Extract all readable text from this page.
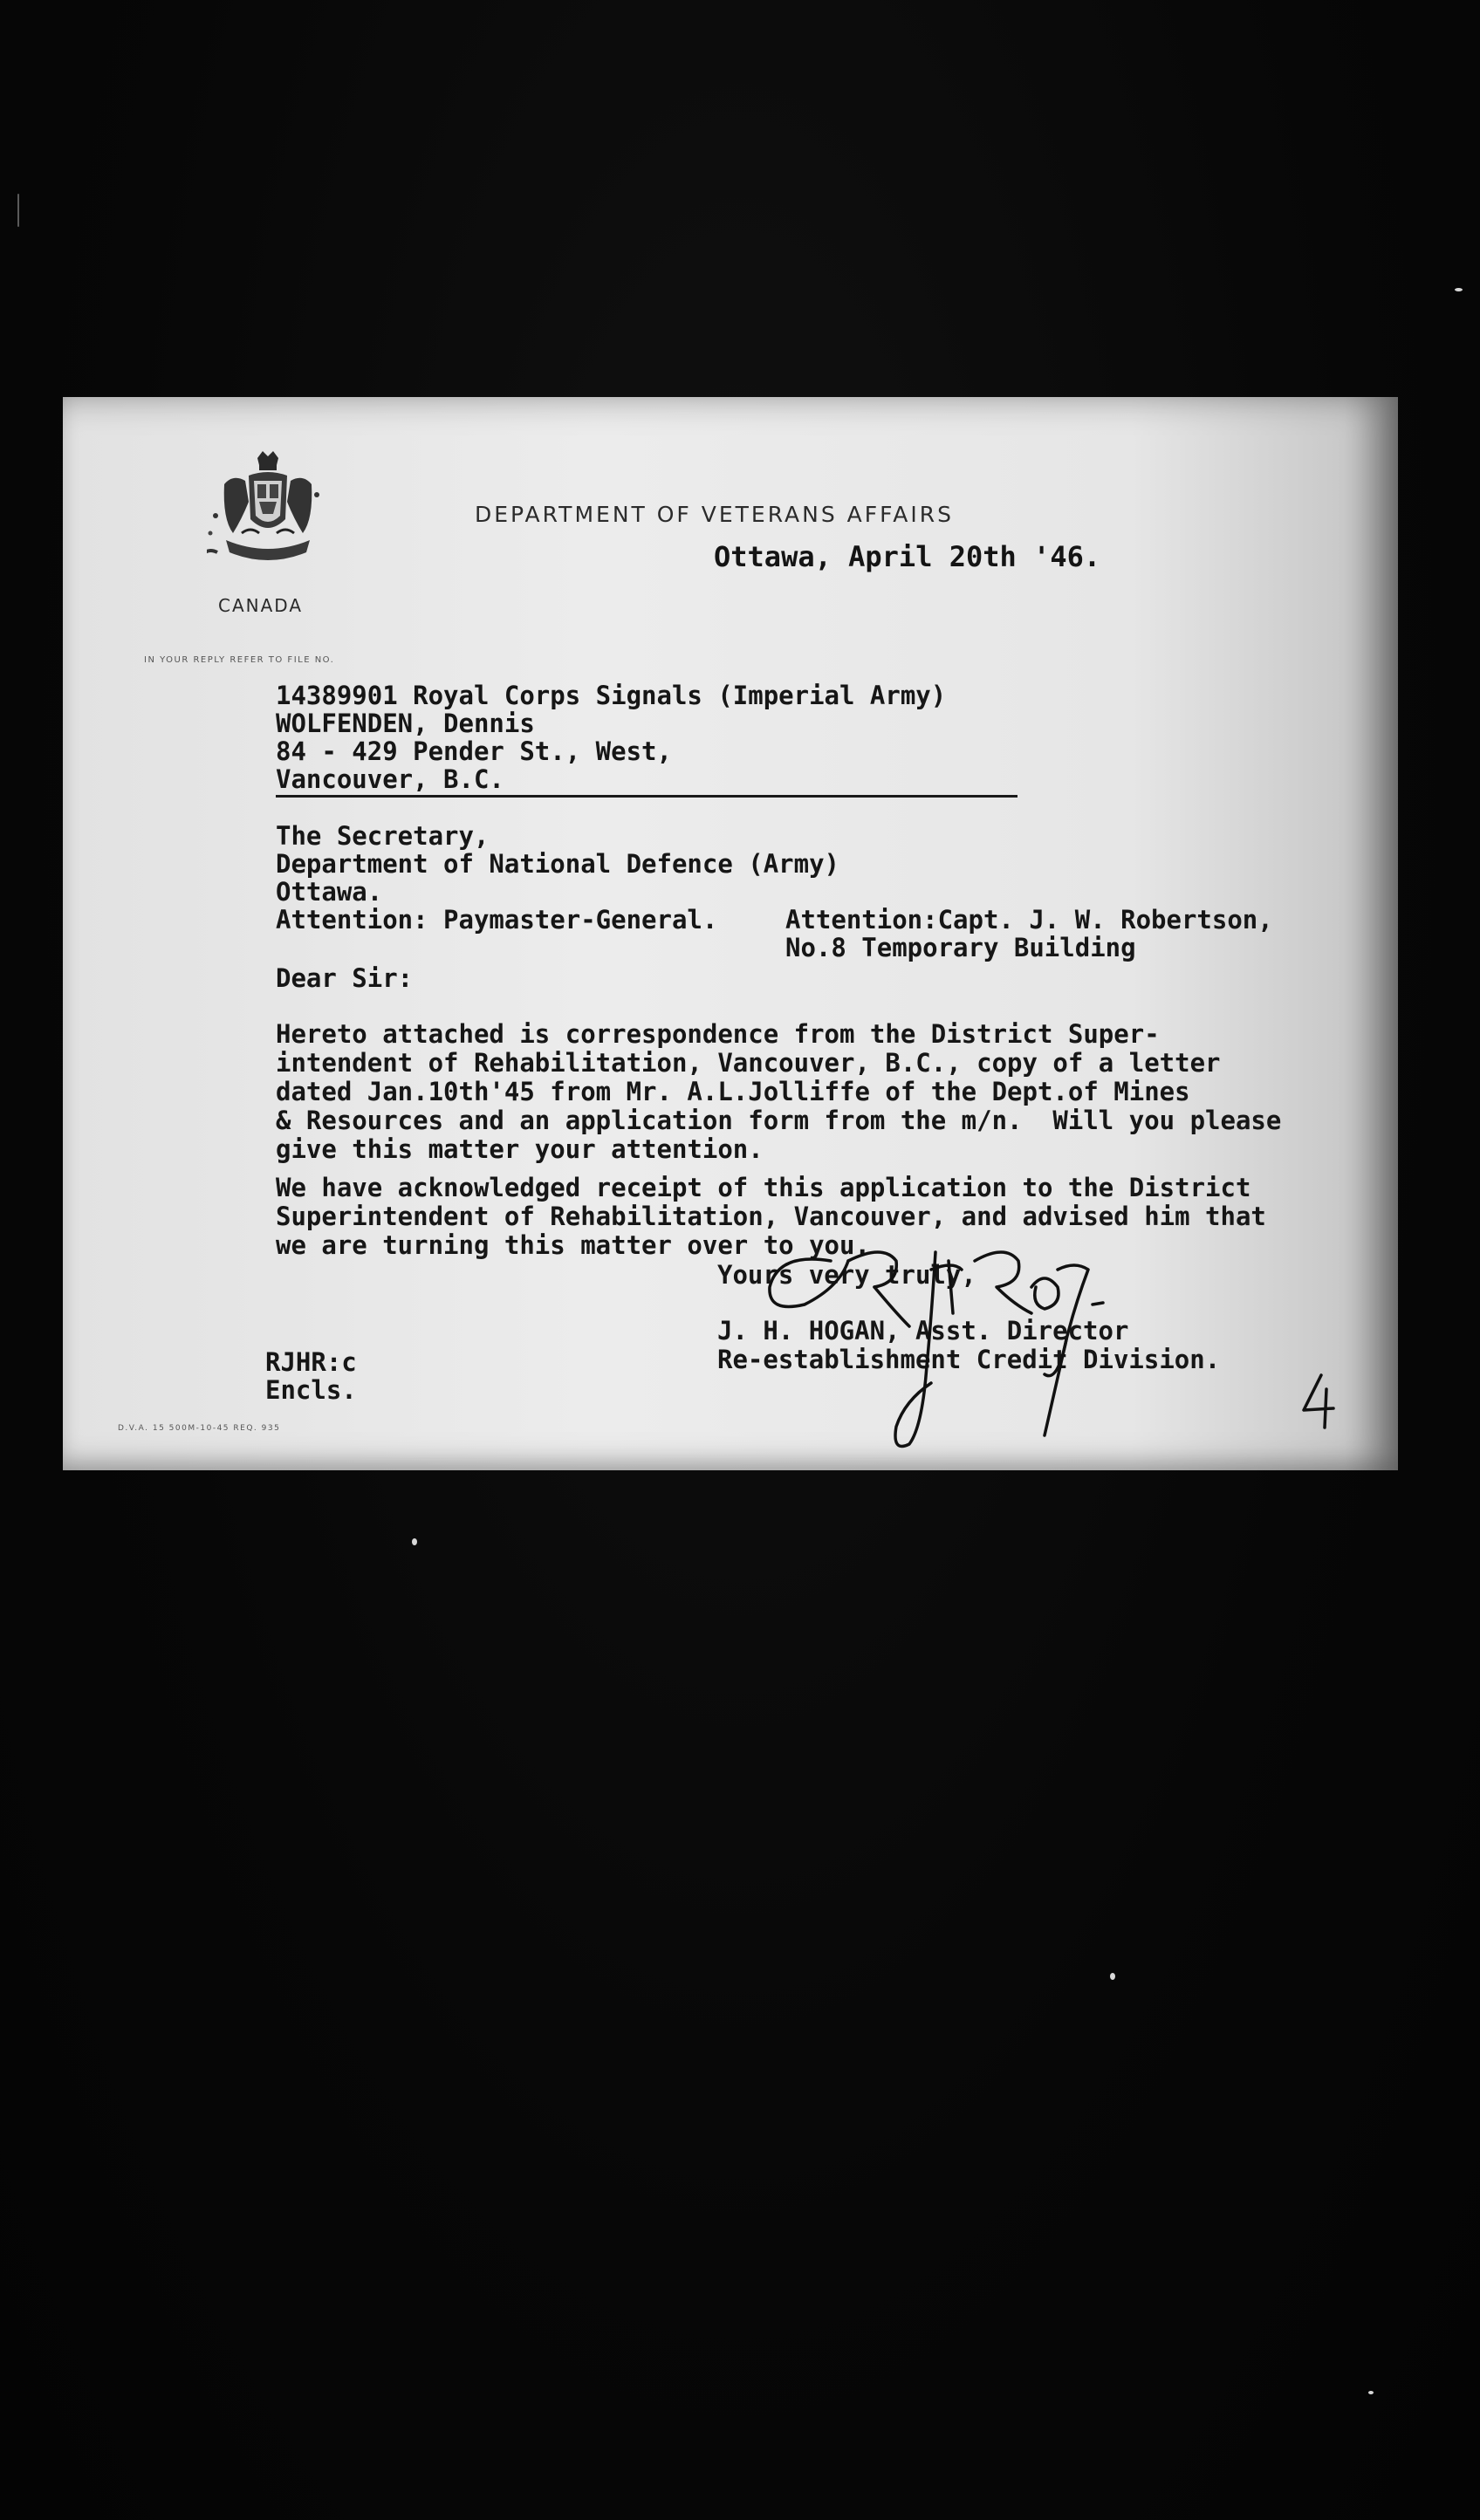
CANADA
DEPARTMENT OF VETERANS AFFAIRS
Ottawa, April 20th '46.
IN YOUR REPLY REFER TO FILE NO.
14389901 Royal Corps Signals (Imperial Army)
WOLFENDEN, Dennis
84 - 429 Pender St., West,
Vancouver, B.C.
The Secretary,
Department of National Defence (Army)
Ottawa.
Attention: Paymaster-General.	Attention:Capt. J. W. Robertson,
No.8 Temporary Building
Dear Sir:
Hereto attached is correspondence from the District Super-
intendent of Rehabilitation, Vancouver, B.C., copy of a letter
dated Jan.10th'45 from Mr. A.L.Jolliffe of the Dept.of Mines
& Resources and an application form from the m/n.  Will you please
give this matter your attention.
We have acknowledged receipt of this application to the District
Superintendent of Rehabilitation, Vancouver, and advised him that
we are turning this matter over to you.
Yours very truly,
J. H. HOGAN, Asst. Director
Re-establishment Credit Division.
RJHR:c
Encls.
D.V.A. 15 500M-10-45 REQ. 935
